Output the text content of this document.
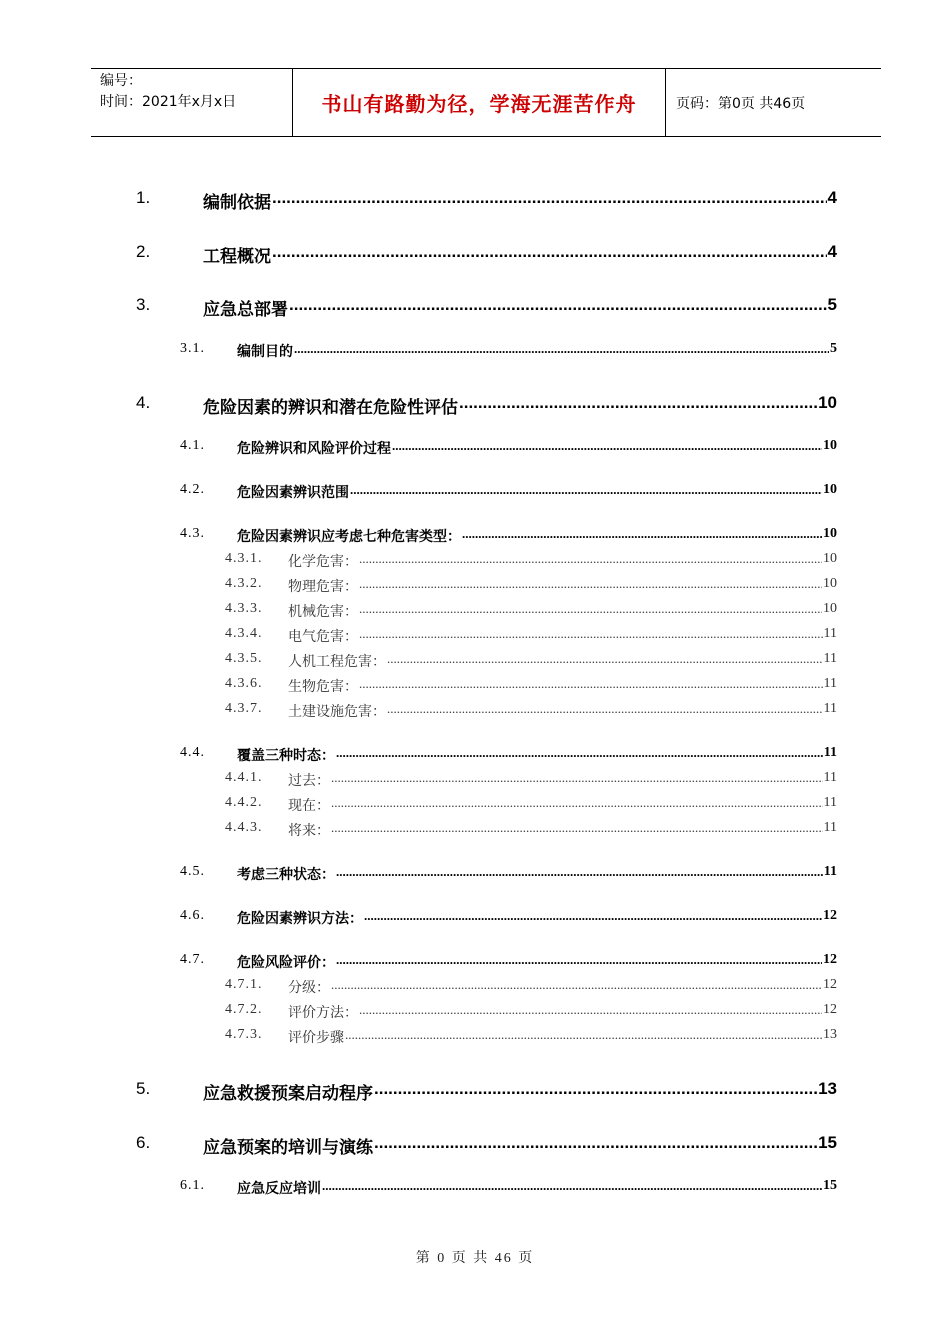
编号：
时间：2021年x月x日	书山有路勤为径，学海无涯苦作舟	页码：第0页 共46页
1.	编制依据 .....	4
2.	工程概况 .....	4
3.	应急总部署 .....	5
3.1. 编制目的 .....	5
4.	危险因素的辨识和潜在危险性评估 .....	10
4.1. 危险辨识和风险评价过程 .....	10
4.2. 危险因素辨识范围 .....	10
4.3. 危险因素辨识应考虑七种危害类型： .....	10
4.3.1. 化学危害： .....	10
4.3.2. 物理危害： .....	10
4.3.3. 机械危害： .....	10
4.3.4. 电气危害： .....	11
4.3.5. 人机工程危害： .....	11
4.3.6. 生物危害： .....	11
4.3.7. 土建设施危害： .....	11
4.4. 覆盖三种时态： .....	11
4.4.1. 过去： .....	11
4.4.2. 现在： .....	11
4.4.3. 将来： .....	11
4.5. 考虑三种状态： .....	11
4.6. 危险因素辨识方法： .....	12
4.7. 危险风险评价： .....	12
4.7.1. 分级： .....	12
4.7.2. 评价方法： .....	12
4.7.3. 评价步骤 .....	13
5.	应急救援预案启动程序 .....	13
6.	应急预案的培训与演练 .....	15
6.1. 应急反应培训 .....	15
第 0 页 共 46 页
